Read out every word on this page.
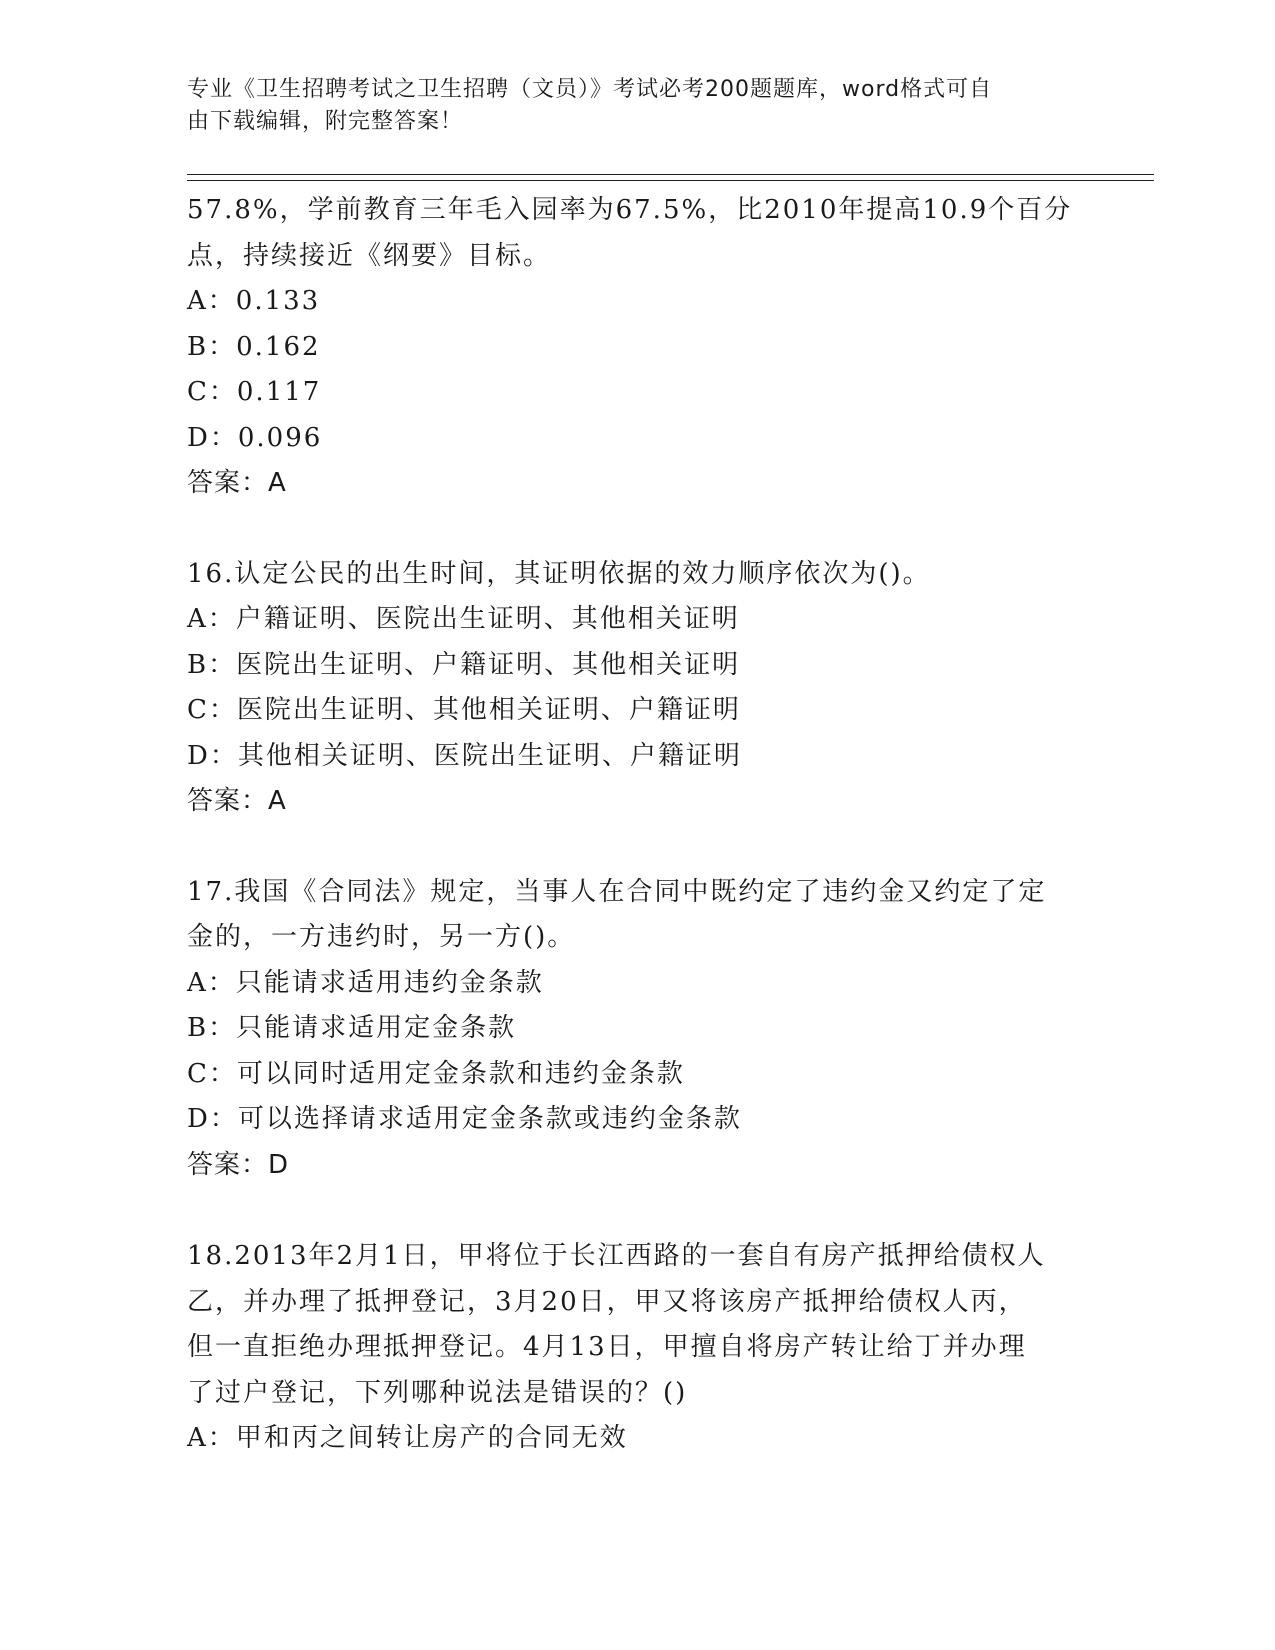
专业《卫生招聘考试之卫生招聘（文员）》考试必考200题题库，word格式可自

由下载编辑，附完整答案！

57.8%，学前教育三年毛入园率为67.5%，比2010年提高10.9个百分
点，持续接近《纲要》目标。
A：0.133
B：0.162
C：0.117
D：0.096
答案：A
16.认定公民的出生时间，其证明依据的效力顺序依次为()。
A：户籍证明、医院出生证明、其他相关证明
B：医院出生证明、户籍证明、其他相关证明
C：医院出生证明、其他相关证明、户籍证明
D：其他相关证明、医院出生证明、户籍证明
答案：A
17.我国《合同法》规定，当事人在合同中既约定了违约金又约定了定
金的，一方违约时，另一方()。
A：只能请求适用违约金条款
B：只能请求适用定金条款
C：可以同时适用定金条款和违约金条款
D：可以选择请求适用定金条款或违约金条款
答案：D
18.2013年2月1日，甲将位于长江西路的一套自有房产抵押给债权人
乙，并办理了抵押登记，3月20日，甲又将该房产抵押给债权人丙，
但一直拒绝办理抵押登记。4月13日，甲擅自将房产转让给丁并办理
了过户登记，下列哪种说法是错误的？()
A：甲和丙之间转让房产的合同无效
